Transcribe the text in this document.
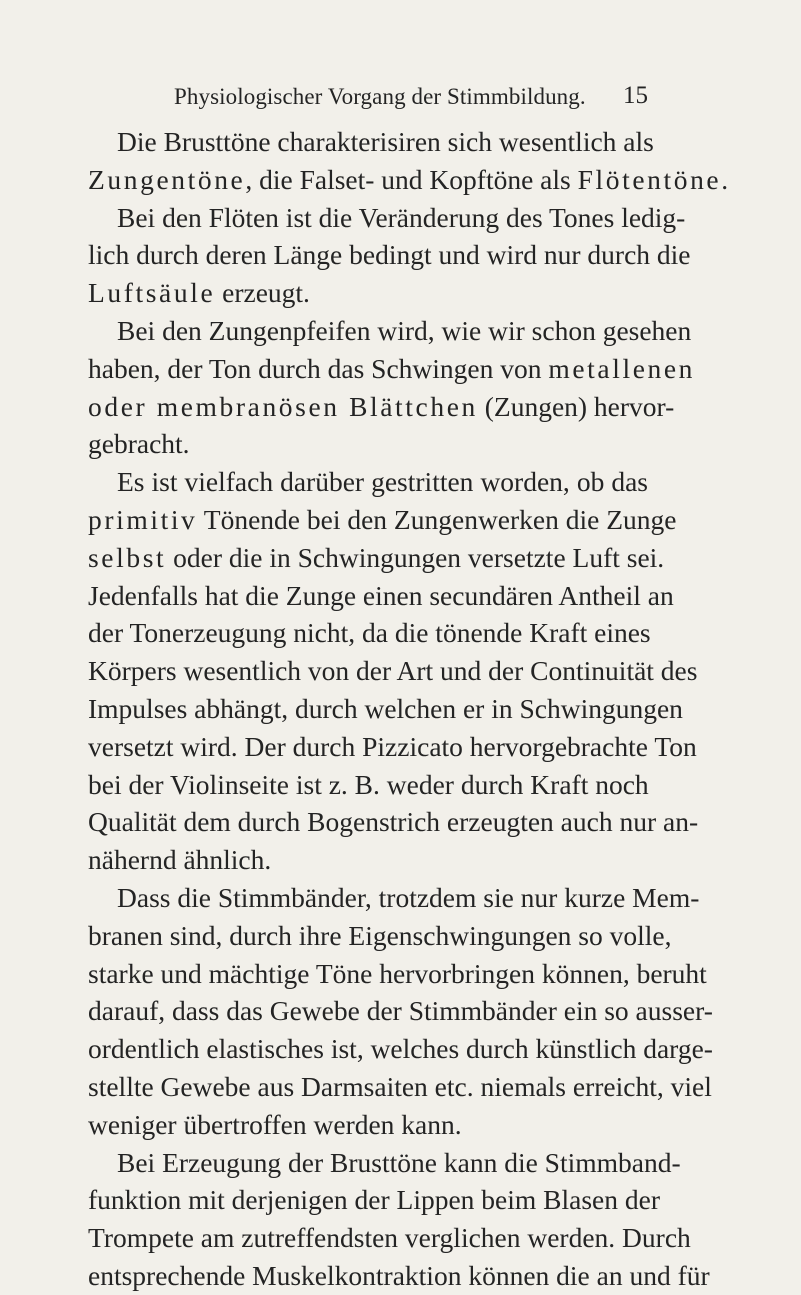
Physiologischer Vorgang der Stimmbildung. 15
Die Brusttöne charakterisiren sich wesentlich als
Zungentöne, die Falset- und Kopftöne als Flötentöne.
Bei den Flöten ist die Veränderung des Tones ledig-
lich durch deren Länge bedingt und wird nur durch die
Luftsäule erzeugt.
Bei den Zungenpfeifen wird, wie wir schon gesehen
haben, der Ton durch das Schwingen von metallenen
oder membranösen Blättchen (Zungen) hervor-
gebracht.
Es ist vielfach darüber gestritten worden, ob das
primitiv Tönende bei den Zungenwerken die Zunge
selbst oder die in Schwingungen versetzte Luft sei.
Jedenfalls hat die Zunge einen secundären Antheil an
der Tonerzeugung nicht, da die tönende Kraft eines
Körpers wesentlich von der Art und der Continuität des
Impulses abhängt, durch welchen er in Schwingungen
versetzt wird. Der durch Pizzicato hervorgebrachte Ton
bei der Violinseite ist z. B. weder durch Kraft noch
Qualität dem durch Bogenstrich erzeugten auch nur an-
nähernd ähnlich.
Dass die Stimmbänder, trotzdem sie nur kurze Mem-
branen sind, durch ihre Eigenschwingungen so volle,
starke und mächtige Töne hervorbringen können, beruht
darauf, dass das Gewebe der Stimmbänder ein so ausser-
ordentlich elastisches ist, welches durch künstlich darge-
stellte Gewebe aus Darmsaiten etc. niemals erreicht, viel
weniger übertroffen werden kann.
Bei Erzeugung der Brusttöne kann die Stimmband-
funktion mit derjenigen der Lippen beim Blasen der
Trompete am zutreffendsten verglichen werden. Durch
entsprechende Muskelkontraktion können die an und für
